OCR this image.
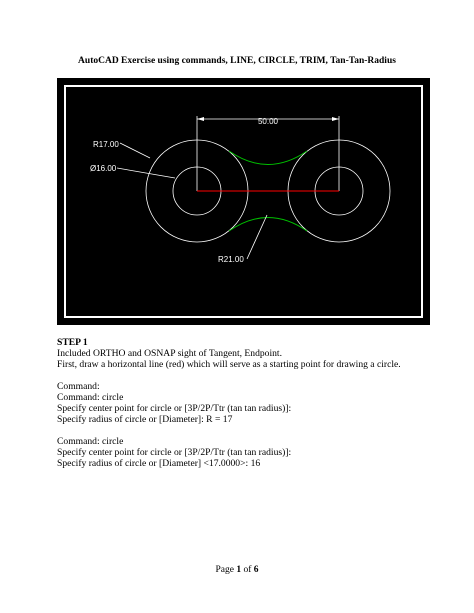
AutoCAD Exercise using commands, LINE, CIRCLE, TRIM, Tan-Tan-Radius
50.00
R17.00
Ø16.00
R21.00
STEP 1
Included ORTHO and OSNAP sight of Tangent, Endpoint.
First, draw a horizontal line (red) which will serve as a starting point for drawing a circle.
Command:
Command: circle
Specify center point for circle or [3P/2P/Ttr (tan tan radius)]:
Specify radius of circle or [Diameter]: R = 17
Command: circle
Specify center point for circle or [3P/2P/Ttr (tan tan radius)]:
Specify radius of circle or [Diameter] <17.0000>: 16
Page 1 of 6
